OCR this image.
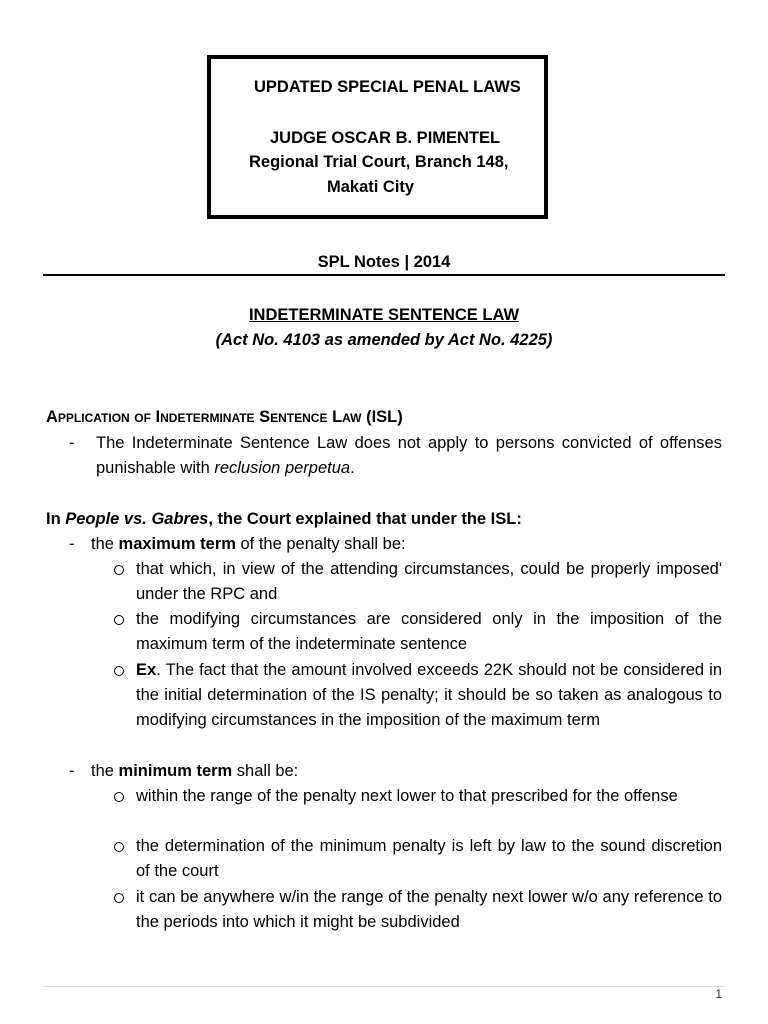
UPDATED SPECIAL PENAL LAWS
JUDGE OSCAR B. PIMENTEL
Regional Trial Court, Branch 148,
Makati City
SPL Notes | 2014
INDETERMINATE SENTENCE LAW
(Act No. 4103 as amended by Act No. 4225)
Application of Indeterminate Sentence Law (ISL)
- The Indeterminate Sentence Law does not apply to persons convicted of offenses punishable with reclusion perpetua.
In People vs. Gabres, the Court explained that under the ISL:
- the maximum term of the penalty shall be:
that which, in view of the attending circumstances, could be properly imposed' under the RPC and
the modifying circumstances are considered only in the imposition of the maximum term of the indeterminate sentence
Ex. The fact that the amount involved exceeds 22K should not be considered in the initial determination of the IS penalty; it should be so taken as analogous to modifying circumstances in the imposition of the maximum term
- the minimum term shall be:
within the range of the penalty next lower to that prescribed for the offense
the determination of the minimum penalty is left by law to the sound discretion of the court
it can be anywhere w/in the range of the penalty next lower w/o any reference to the periods into which it might be subdivided
1
